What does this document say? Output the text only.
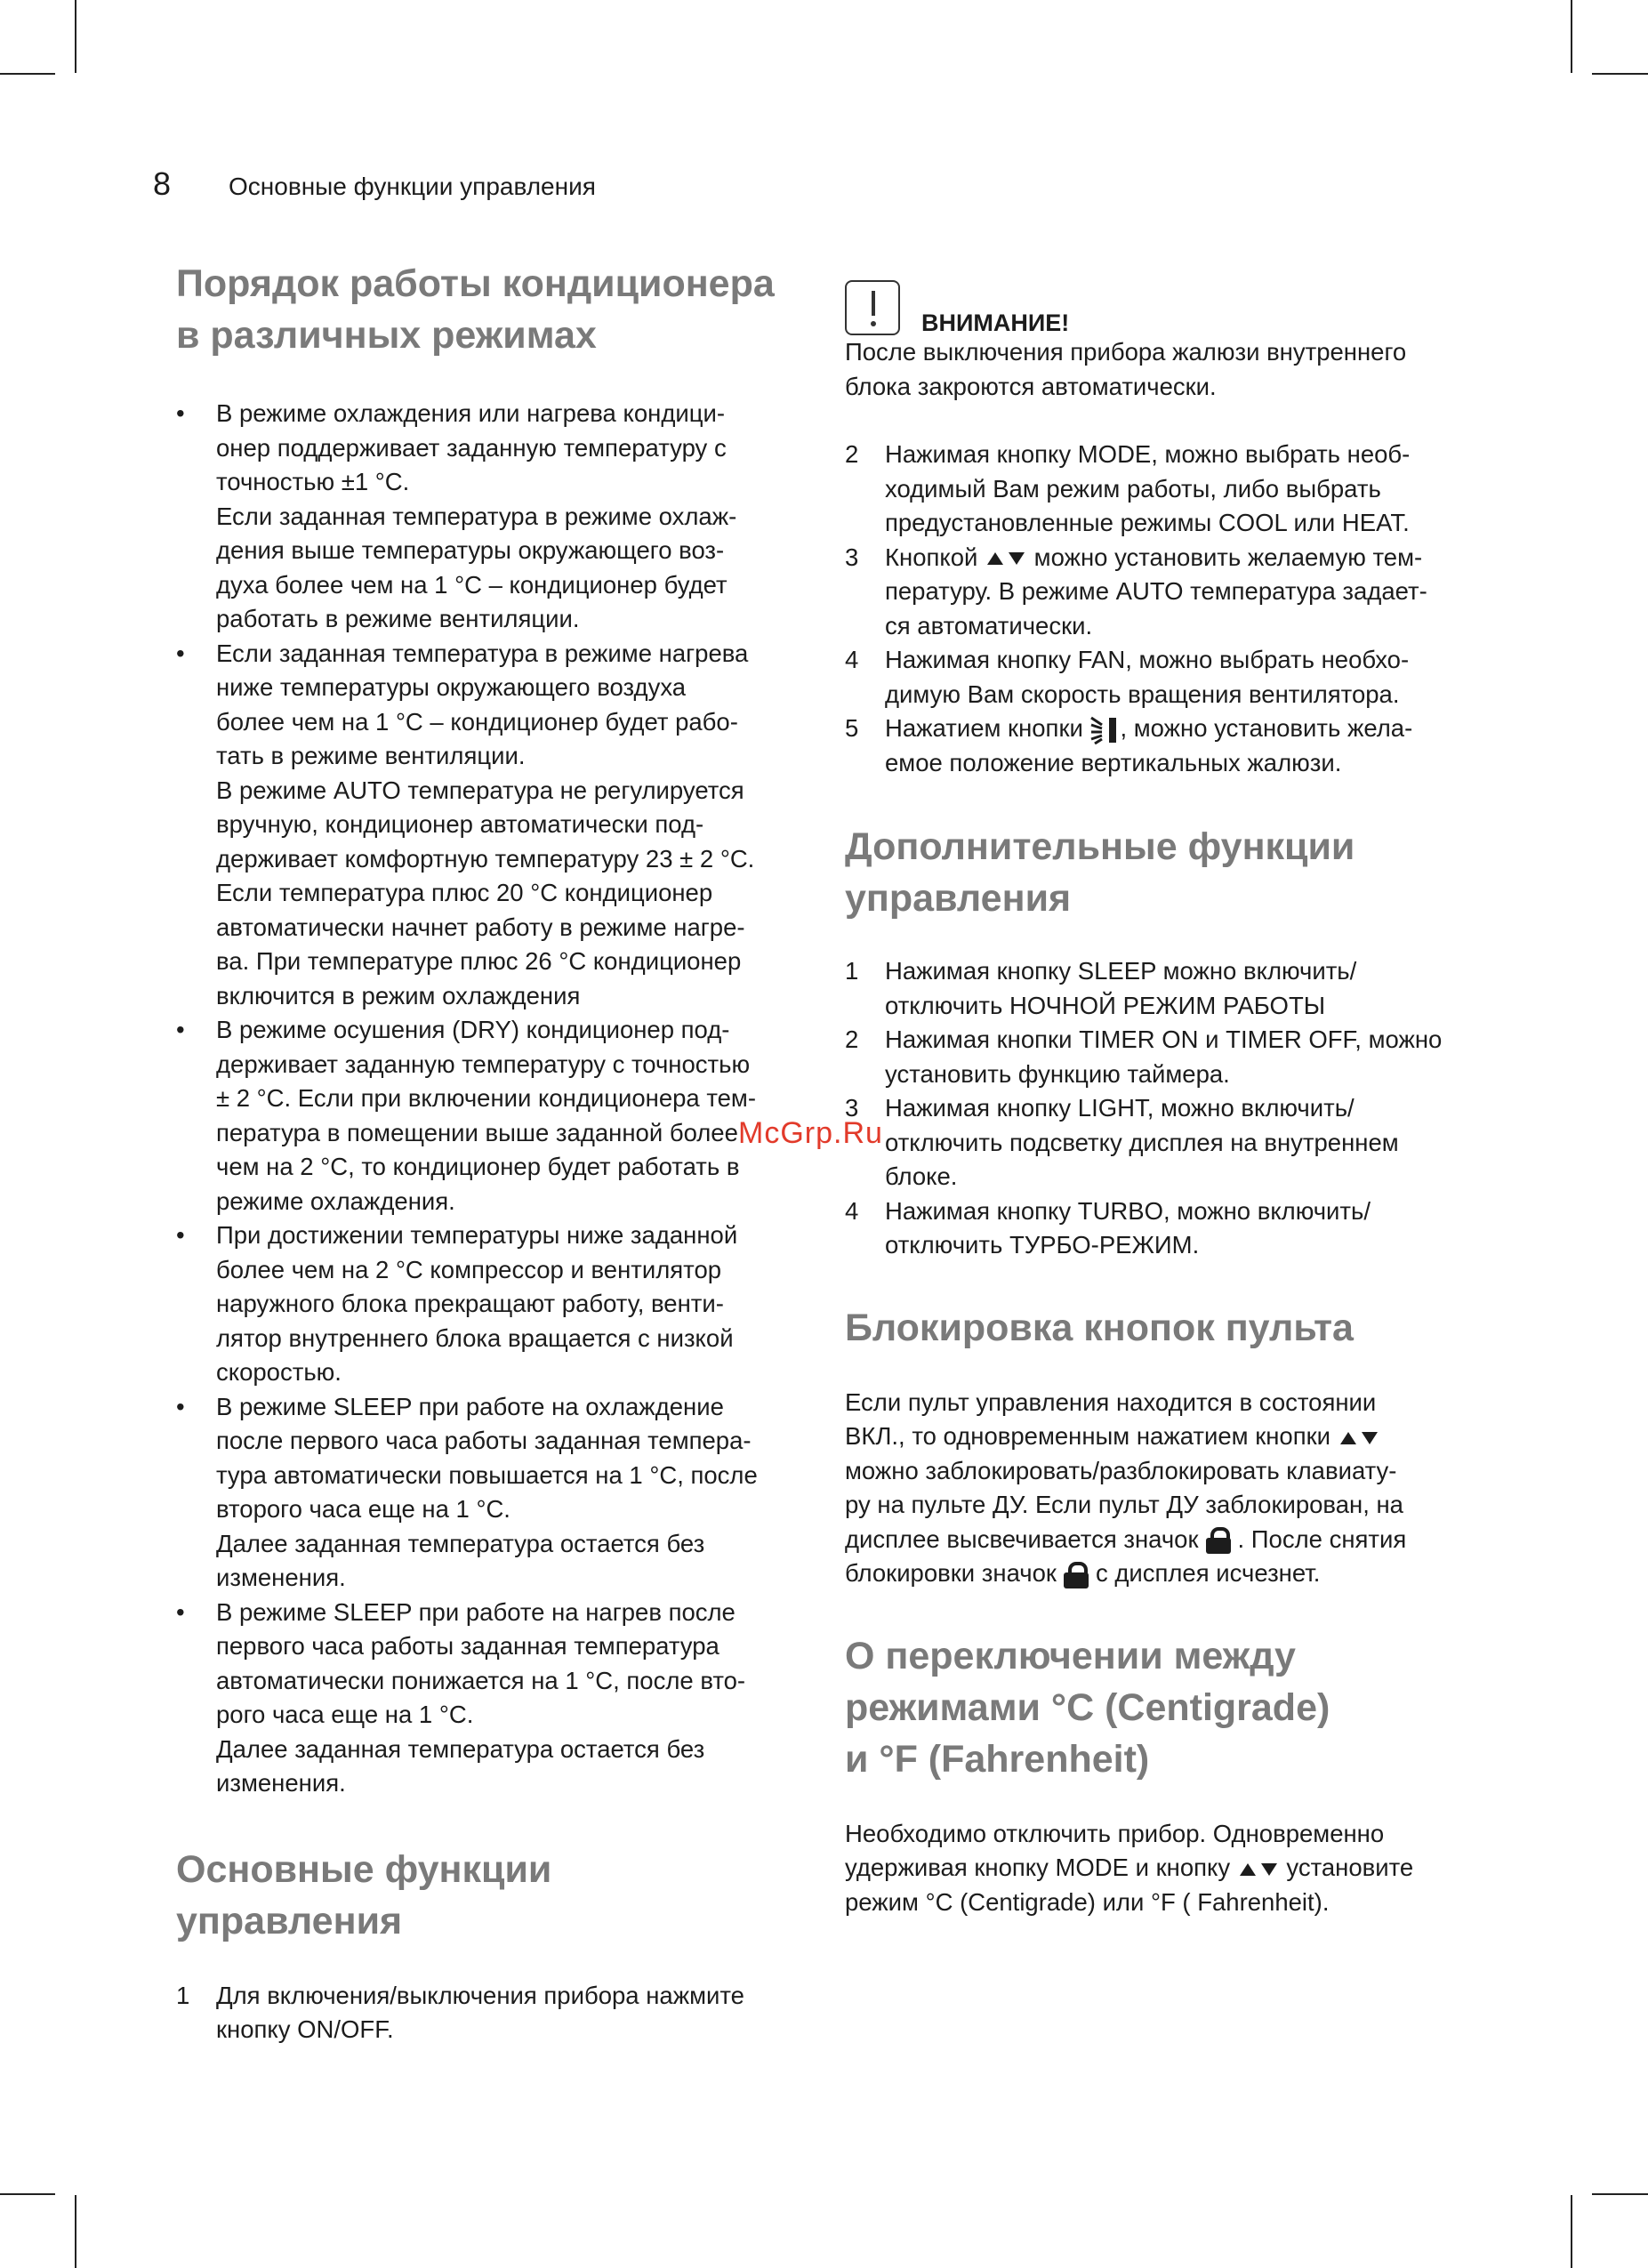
8 Основные функции управления
Порядок работы кондиционера
в различных режимах
•	В режиме охлаждения или нагрева кондици-
онер поддерживает заданную температуру с
точностью ±1 °C.
Если заданная температура в режиме охлаж-
дения выше температуры окружающего воз-
духа более чем на 1 °C – кондиционер будет
работать в режиме вентиляции.
•	Если заданная температура в режиме нагрева
ниже температуры окружающего воздуха
более чем на 1 °C – кондиционер будет рабо-
тать в режиме вентиляции.
В режиме AUTO температура не регулируется
вручную, кондиционер автоматически под-
держивает комфортную температуру 23 ± 2 °C.
Если температура плюс 20 °C кондиционер
автоматически начнет работу в режиме нагре-
ва. При температуре плюс 26 °C кондиционер
включится в режим охлаждения
•	В режиме осушения (DRY) кондиционер под-
держивает заданную температуру с точностью
± 2 °C. Если при включении кондиционера тем-
пература в помещении выше заданной более
чем на 2 °C, то кондиционер будет работать в
режиме охлаждения.
•	При достижении температуры ниже заданной
более чем на 2 °C компрессор и вентилятор
наружного блока прекращают работу, венти-
лятор внутреннего блока вращается с низкой
скоростью.
•	В режиме SLEEP при работе на охлаждение
после первого часа работы заданная темпера-
тура автоматически повышается на 1 °C, после
второго часа еще на 1 °C.
Далее заданная температура остается без
изменения.
•	В режиме SLEEP при работе на нагрев после
первого часа работы заданная температура
автоматически понижается на 1 °C, после вто-
рого часа еще на 1 °C.
Далее заданная температура остается без
изменения.
Основные функции
управления
1	Для включения/выключения прибора нажмите
кнопку ON/OFF.
ВНИМАНИЕ!

После выключения прибора жалюзи внутреннего
блока закроются автоматически.

2	Нажимая кнопку MODE, можно выбрать необ-
ходимый Вам режим работы, либо выбрать
предустановленные режимы COOL или HEAT.
3	Кнопкой можно установить желаемую тем-
пературу. В режиме AUTO температура задает-
ся автоматически.
4	Нажимая кнопку FAN, можно выбрать необхо-
димую Вам скорость вращения вентилятора.
5	Нажатием кнопки , можно установить жела-
емое положение вертикальных жалюзи.
Дополнительные функции
управления
1	Нажимая кнопку SLEEP можно включить/
отключить НОЧНОЙ РЕЖИМ РАБОТЫ
2	Нажимая кнопки TIMER ON и TIMER OFF, можно
установить функцию таймера.
3	Нажимая кнопку LIGHT, можно включить/
отключить подсветку дисплея на внутреннем
блоке.
4	Нажимая кнопку TURBO, можно включить/
отключить ТУРБО-РЕЖИМ.
Блокировка кнопок пульта

Если пульт управления находится в состоянии
ВКЛ., то одновременным нажатием кнопки
можно заблокировать/разблокировать клавиату-
ру на пульте ДУ. Если пульт ДУ заблокирован, на
дисплее высвечивается значок . После снятия
блокировки значок с дисплея исчезнет.

О переключении между
режимами °C (Centigrade)
и °F (Fahrenheit)

Необходимо отключить прибор. Одновременно
удерживая кнопку MODE и кнопку установите
режим °C (Centigrade) или °F ( Fahrenheit).

McGrp.Ru
